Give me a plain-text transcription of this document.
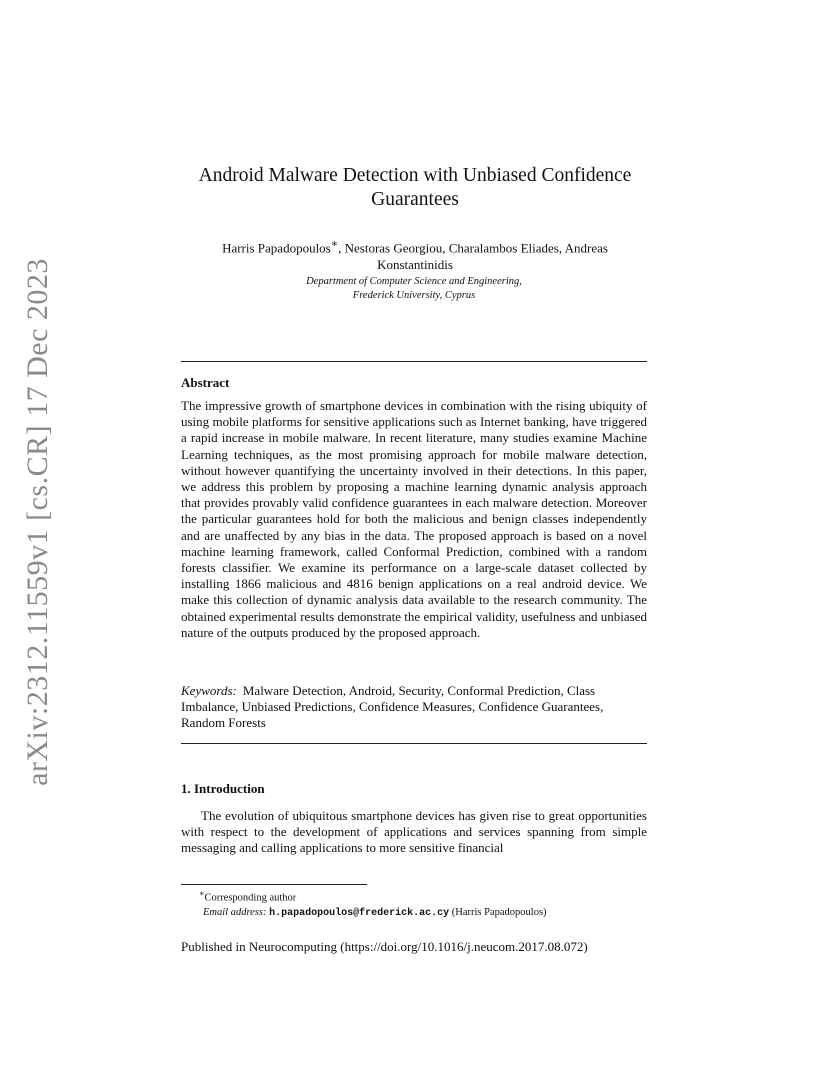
arXiv:2312.11559v1 [cs.CR] 17 Dec 2023
Android Malware Detection with Unbiased Confidence Guarantees
Harris Papadopoulos∗, Nestoras Georgiou, Charalambos Eliades, Andreas Konstantinidis
Department of Computer Science and Engineering,
Frederick University, Cyprus
Abstract
The impressive growth of smartphone devices in combination with the rising ubiquity of using mobile platforms for sensitive applications such as Internet banking, have triggered a rapid increase in mobile malware. In recent literature, many studies examine Machine Learning techniques, as the most promising approach for mobile malware detection, without however quantifying the uncertainty involved in their detections. In this paper, we address this problem by proposing a machine learning dynamic analysis approach that provides provably valid confidence guarantees in each malware detection. Moreover the particular guarantees hold for both the malicious and benign classes independently and are unaffected by any bias in the data. The proposed approach is based on a novel machine learning framework, called Conformal Prediction, combined with a random forests classifier. We examine its performance on a large-scale dataset collected by installing 1866 malicious and 4816 benign applications on a real android device. We make this collection of dynamic analysis data available to the research community. The obtained experimental results demonstrate the empirical validity, usefulness and unbiased nature of the outputs produced by the proposed approach.
Keywords: Malware Detection, Android, Security, Conformal Prediction, Class Imbalance, Unbiased Predictions, Confidence Measures, Confidence Guarantees, Random Forests
1. Introduction
The evolution of ubiquitous smartphone devices has given rise to great opportunities with respect to the development of applications and services spanning from simple messaging and calling applications to more sensitive financial
∗Corresponding author
Email address: h.papadopoulos@frederick.ac.cy (Harris Papadopoulos)
Published in Neurocomputing (https://doi.org/10.1016/j.neucom.2017.08.072)
